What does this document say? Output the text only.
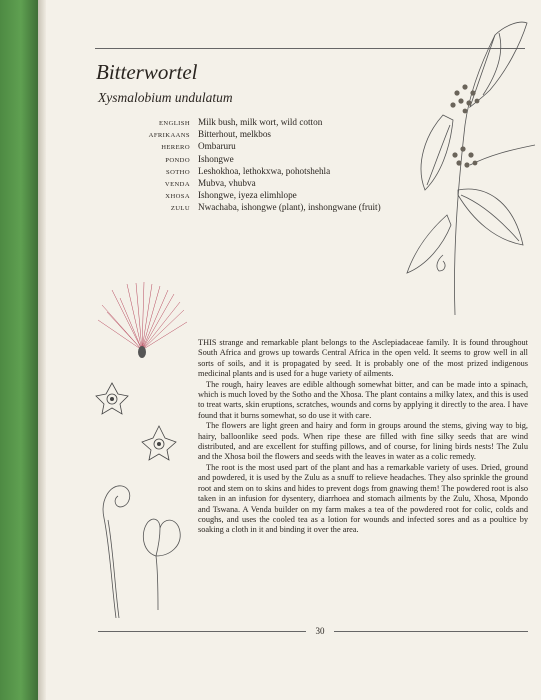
Bitterwortel
Xysmalobium undulatum
ENGLISH Milk bush, milk wort, wild cotton
AFRIKAANS Bitterhout, melkbos
HERERO Ombaruru
PONDO Ishongwe
SOTHO Leshokhoa, lethokxwa, pohotshehla
VENDA Mubva, vhubva
XHOSA Ishongwe, iyeza elimhlope
ZULU Nwachaba, ishongwe (plant), inshongwane (fruit)

THIS strange and remarkable plant belongs to the Asclepiadaceae family. It is found throughout South Africa and grows up towards Central Africa in the open veld. It seems to grow well in all sorts of soils, and it is propagated by seed. It is probably one of the most prized indigenous medicinal plants and is used for a huge variety of ailments.

The rough, hairy leaves are edible although somewhat bitter, and can be made into a spinach, which is much loved by the Sotho and the Xhosa. The plant contains a milky latex, and this is used to treat warts, skin eruptions, scratches, wounds and corns by applying it directly to the area. I have found that it burns somewhat, so do use it with care.

The flowers are light green and hairy and form in groups around the stems, giving way to big, hairy, balloonlike seed pods. When ripe these are filled with fine silky seeds that are wind distributed, and are excellent for stuffing pillows, and of course, for lining birds nests! The Zulu and the Xhosa boil the flowers and seeds with the leaves in water as a colic remedy.

The root is the most used part of the plant and has a remarkable variety of uses. Dried, ground and powdered, it is used by the Zulu as a snuff to relieve headaches. They also sprinkle the ground root and stem on to skins and hides to prevent dogs from gnawing them! The powdered root is also taken in an infusion for dysentery, diarrhoea and stomach ailments by the Zulu, Xhosa, Mpondo and Tswana. A Venda builder on my farm makes a tea of the powdered root for colic, colds and coughs, and uses the cooled tea as a lotion for wounds and infected sores and as a poultice by soaking a cloth in it and binding it over the area.

30
